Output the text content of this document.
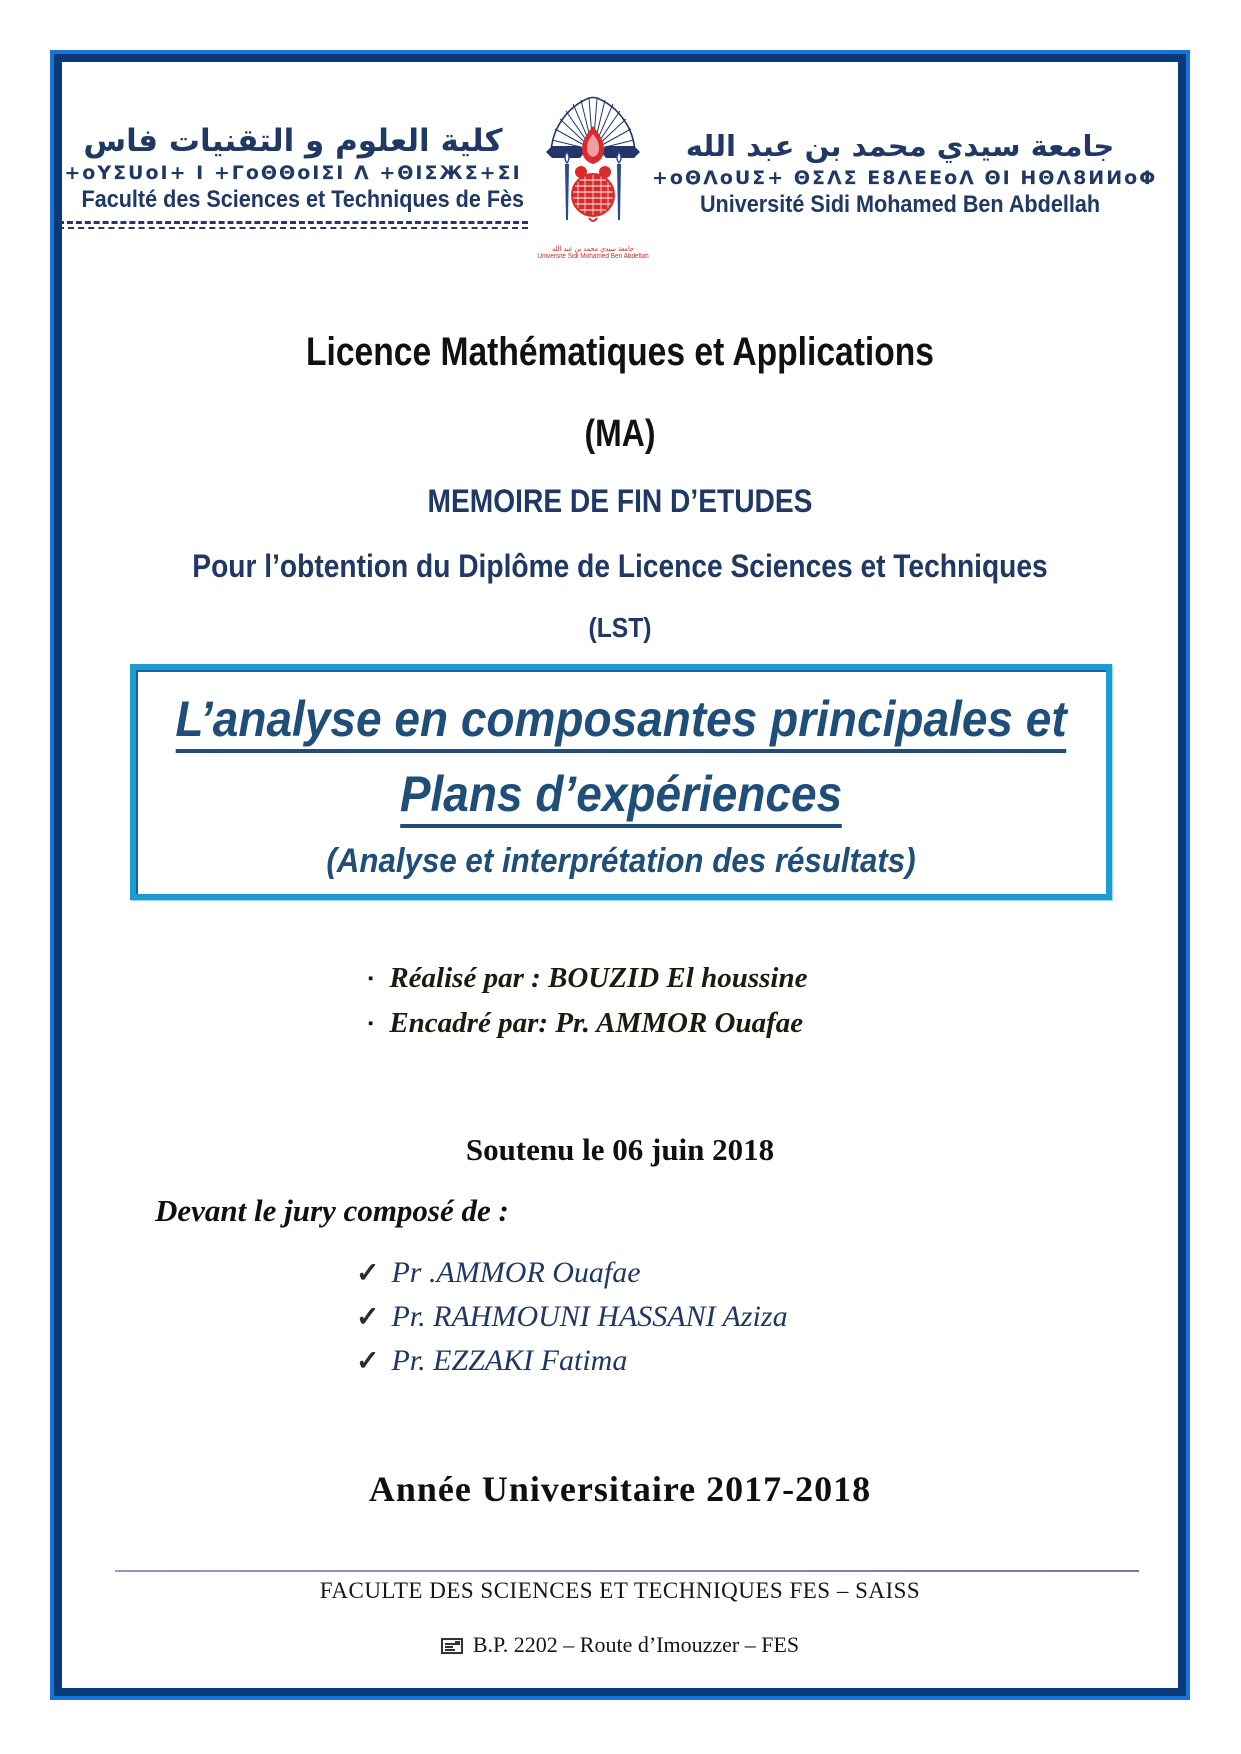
كلية العلوم و التقنيات فاس
+oYΣUoI+ I +ΓoΘΘoIΣI Λ +ΘIΣЖΣ+ΣI
Faculté des Sciences et Techniques de Fès
جامعة سيدي محمد بن عبد الله
Université Sidi Mohamed Ben Abdellah
جامعة سيدي محمد بن عبد الله
+oΘΛoUΣ+ ΘΣΛΣ Ε8ΛΕΕoΛ ΘΙ ΗΘΛ8ИИoΦ
Université Sidi Mohamed Ben Abdellah
Licence Mathématiques et Applications
(MA)
MEMOIRE DE FIN D’ETUDES
Pour l’obtention du Diplôme de Licence Sciences et Techniques
(LST)
L’analyse en composantes principales et
Plans d’expériences
(Analyse et interprétation des résultats)
▪ Réalisé par : BOUZID El houssine
▪ Encadré par: Pr. AMMOR Ouafae
Soutenu le 06 juin 2018
Devant le jury composé de :
✓ Pr .AMMOR Ouafae
✓ Pr. RAHMOUNI HASSANI Aziza
✓ Pr. EZZAKI Fatima
Année Universitaire 2017-2018
FACULTE DES SCIENCES ET TECHNIQUES FES – SAISS
B.P. 2202 – Route d’Imouzzer – FES
